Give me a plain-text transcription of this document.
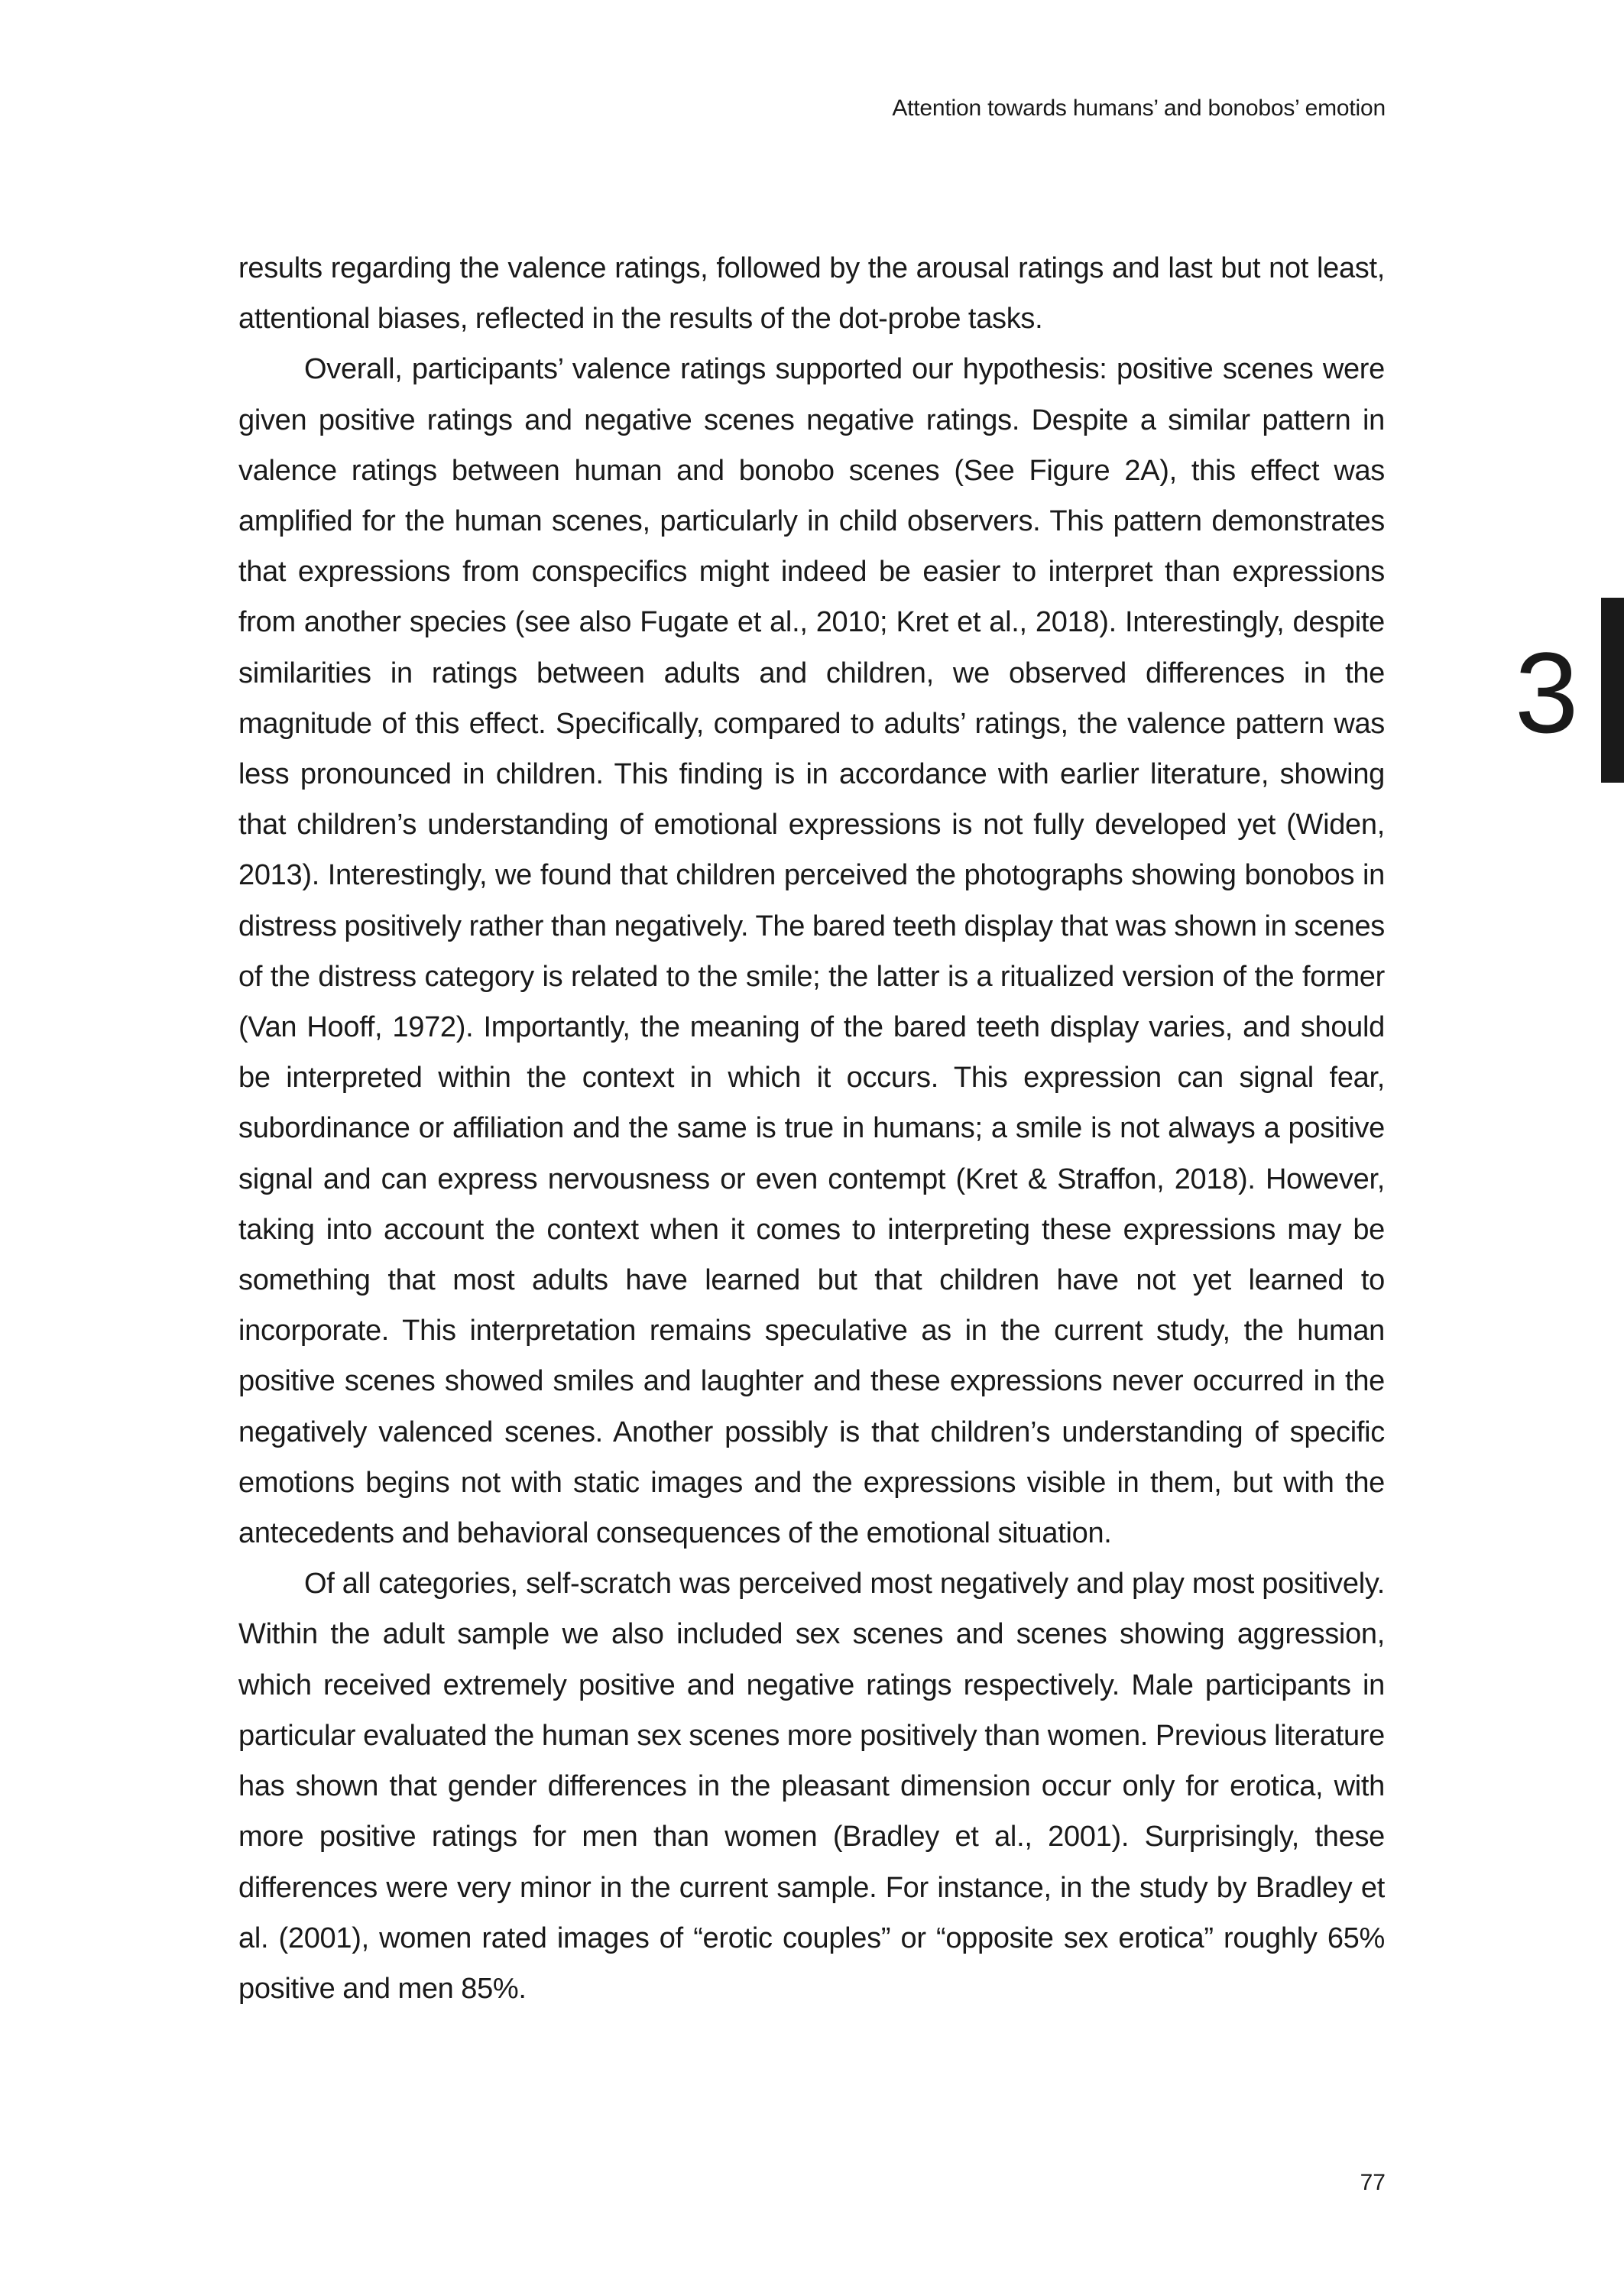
Attention towards humans’ and bonobos’ emotion
3

results regarding the valence ratings, followed by the arousal ratings and last but not least, attentional biases, reflected in the results of the dot-probe tasks.

Overall, participants’ valence ratings supported our hypothesis: positive scenes were given positive ratings and negative scenes negative ratings. Despite a similar pattern in valence ratings between human and bonobo scenes (See Figure 2A), this effect was amplified for the human scenes, particularly in child observers. This pattern demonstrates that expressions from conspecifics might indeed be easier to interpret than expressions from another species (see also Fugate et al., 2010; Kret et al., 2018). Interestingly, despite similarities in ratings between adults and children, we observed differences in the magnitude of this effect. Specifically, compared to adults’ ratings, the valence pattern was less pronounced in children. This finding is in accordance with earlier literature, showing that children’s understanding of emotional expressions is not fully developed yet (Widen, 2013). Interestingly, we found that children perceived the photographs showing bonobos in distress positively rather than negatively. The bared teeth display that was shown in scenes of the distress category is related to the smile; the latter is a ritualized version of the former (Van Hooff, 1972). Importantly, the meaning of the bared teeth display varies, and should be interpreted within the context in which it occurs. This expression can signal fear, subordinance or affiliation and the same is true in humans; a smile is not always a positive signal and can express nervousness or even contempt (Kret & Straffon, 2018). However, taking into account the context when it comes to interpreting these expressions may be something that most adults have learned but that children have not yet learned to incorporate. This interpretation remains speculative as in the current study, the human positive scenes showed smiles and laughter and these expressions never occurred in the negatively valenced scenes. Another possibly is that children’s understanding of specific emotions begins not with static images and the expressions visible in them, but with the antecedents and behavioral consequences of the emotional situation.

Of all categories, self-scratch was perceived most negatively and play most positively. Within the adult sample we also included sex scenes and scenes showing aggression, which received extremely positive and negative ratings respectively. Male participants in particular evaluated the human sex scenes more positively than women. Previous literature has shown that gender differences in the pleasant dimension occur only for erotica, with more positive ratings for men than women (Bradley et al., 2001). Surprisingly, these differences were very minor in the current sample. For instance, in the study by Bradley et al. (2001), women rated images of “erotic couples” or “opposite sex erotica” roughly 65% positive and men 85%.

77
